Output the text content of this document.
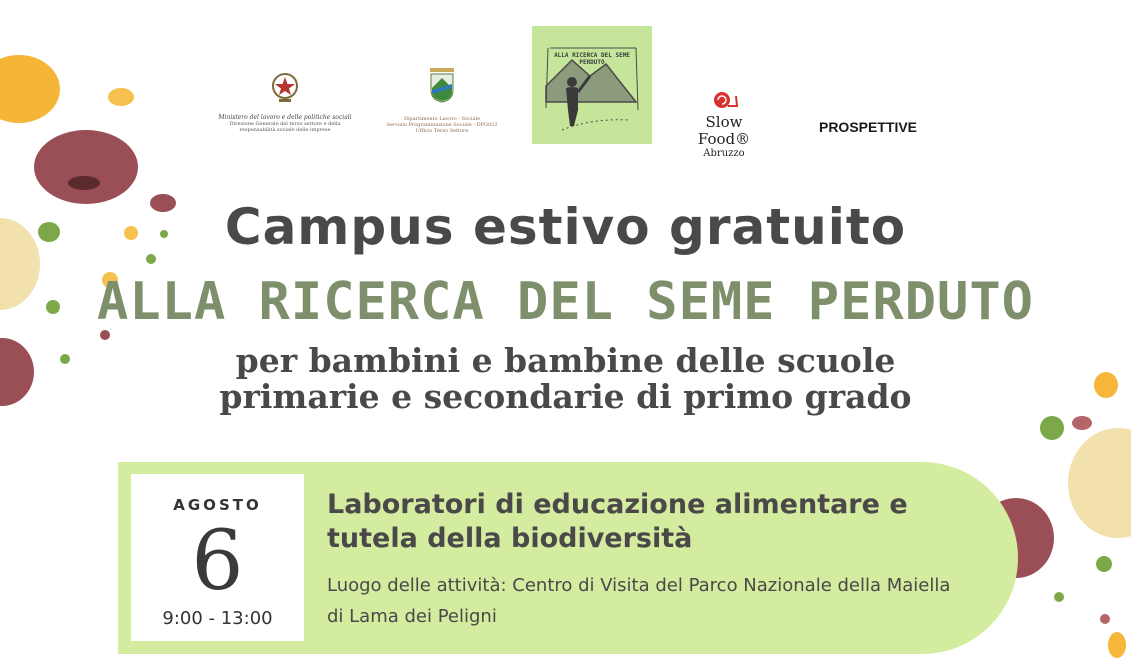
Ministero del lavoro e delle politiche sociali
Direzione Generale del terzo settore e della responsabilità sociale delle imprese
Dipartimento Lavoro - Sociale
Servizio Programmazione Sociale - DPG022
Ufficio Terzo Settore
ALLA RICERCA DEL SEME PERDUTO
Slow Food®
Abruzzo
PROSPETTIVE
Campus estivo gratuito
ALLA RICERCA DEL SEME PERDUTO
per bambini e bambine delle scuole
primarie e secondarie di primo grado
AGOSTO
6
9:00 - 13:00
Laboratori di educazione alimentare e tutela della biodiversità
Luogo delle attività: Centro di Visita del Parco Nazionale della Maiella di Lama dei Peligni
